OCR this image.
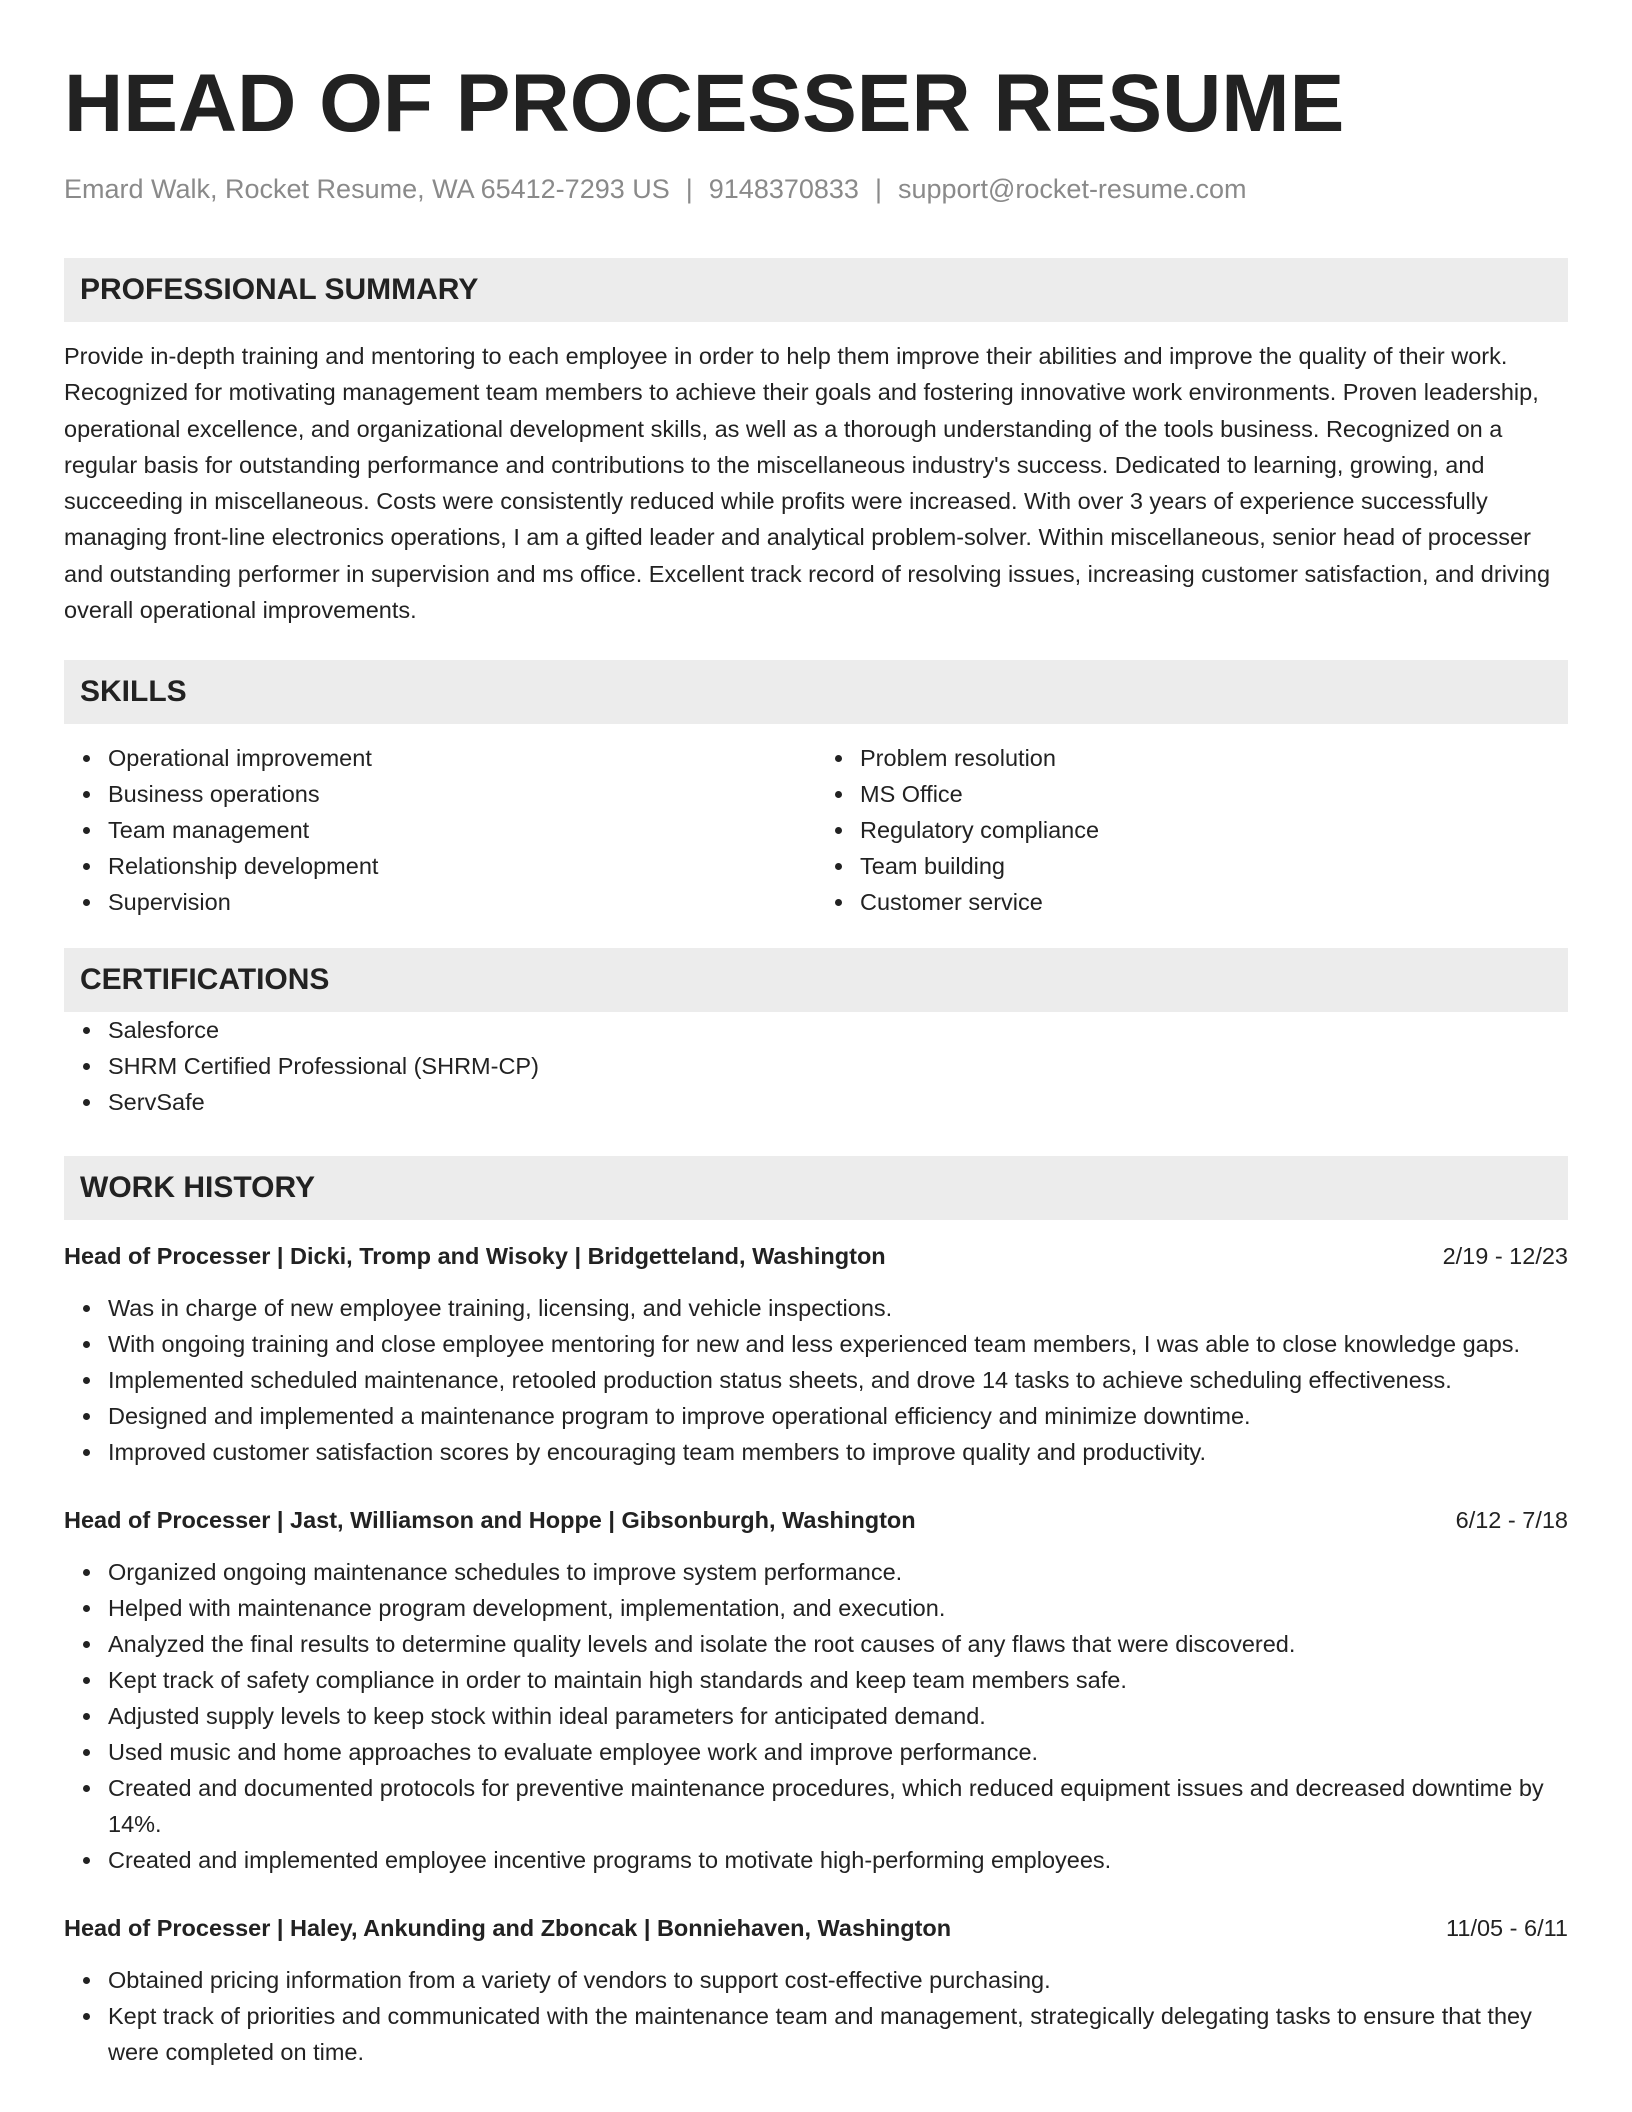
HEAD OF PROCESSER RESUME
Emard Walk, Rocket Resume, WA 65412-7293 US | 9148370833 | support@rocket-resume.com
PROFESSIONAL SUMMARY
Provide in-depth training and mentoring to each employee in order to help them improve their abilities and improve the quality of their work. Recognized for motivating management team members to achieve their goals and fostering innovative work environments. Proven leadership, operational excellence, and organizational development skills, as well as a thorough understanding of the tools business. Recognized on a regular basis for outstanding performance and contributions to the miscellaneous industry's success. Dedicated to learning, growing, and succeeding in miscellaneous. Costs were consistently reduced while profits were increased. With over 3 years of experience successfully managing front-line electronics operations, I am a gifted leader and analytical problem-solver. Within miscellaneous, senior head of processer and outstanding performer in supervision and ms office. Excellent track record of resolving issues, increasing customer satisfaction, and driving overall operational improvements.
SKILLS
Operational improvement
Business operations
Team management
Relationship development
Supervision
Problem resolution
MS Office
Regulatory compliance
Team building
Customer service
CERTIFICATIONS
Salesforce
SHRM Certified Professional (SHRM-CP)
ServSafe
WORK HISTORY
Head of Processer | Dicki, Tromp and Wisoky | Bridgetteland, Washington	2/19 - 12/23
Was in charge of new employee training, licensing, and vehicle inspections.
With ongoing training and close employee mentoring for new and less experienced team members, I was able to close knowledge gaps.
Implemented scheduled maintenance, retooled production status sheets, and drove 14 tasks to achieve scheduling effectiveness.
Designed and implemented a maintenance program to improve operational efficiency and minimize downtime.
Improved customer satisfaction scores by encouraging team members to improve quality and productivity.
Head of Processer | Jast, Williamson and Hoppe | Gibsonburgh, Washington	6/12 - 7/18
Organized ongoing maintenance schedules to improve system performance.
Helped with maintenance program development, implementation, and execution.
Analyzed the final results to determine quality levels and isolate the root causes of any flaws that were discovered.
Kept track of safety compliance in order to maintain high standards and keep team members safe.
Adjusted supply levels to keep stock within ideal parameters for anticipated demand.
Used music and home approaches to evaluate employee work and improve performance.
Created and documented protocols for preventive maintenance procedures, which reduced equipment issues and decreased downtime by 14%.
Created and implemented employee incentive programs to motivate high-performing employees.
Head of Processer | Haley, Ankunding and Zboncak | Bonniehaven, Washington	11/05 - 6/11
Obtained pricing information from a variety of vendors to support cost-effective purchasing.
Kept track of priorities and communicated with the maintenance team and management, strategically delegating tasks to ensure that they were completed on time.
